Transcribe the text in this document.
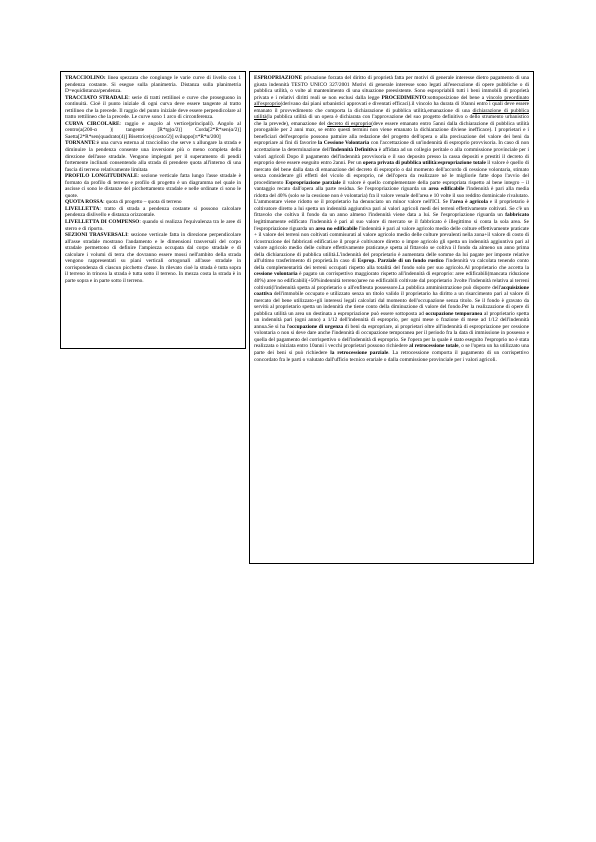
TRACCIOLINO: linea spezzata che congiunge le varie curve di livello con 1 pendenza costante. Si esegue sulla planimetria. Distanza sulla planimetria D=equidistanza/pendenza.
TRACCIATO STRADALE: serie di tratti rettilinei e curve che proseguono in continuità. Cioè il punto iniziale di ogni curva deve essere tangente al tratto rettilineo che la precede. Il raggio del punto iniziale deve essere perpendicolare al tratto rettilineo che la precede. Le curve sono 1 arco di circonferenza.
CURVA CIRCOLARE: raggio e angolo al vertice(principali). Angolo al centro(a(200-α )| tangente [R*tg(α/2)] Corda[2*R*sen(α/2)] Saetta[2*R*sen(quadrato(4)] Bisettrice(s(costo/2)] sviluppo[π*R*α/200]
TORNANTE:è una curva esterna al tracciolino che serve x allungare la strada e diminuire la pendenza consente una inversione più o meno completa della direzione dell'asse stradale. Vengono impiegati per il superamento di pendii fortemente inclinati consentendo alla strada di prendere quota all'interno di una fascia di terreno relativamente limitata
PROFILO LONGITUDINALE: sezione verticale fatta lungo l'asse stradale è formato da profilo di terreno e profilo di progetto è un diagramma nel quale in ascisse ci sono le distanze del picchettamento stradale e nelle ordinate ci sono le quote.
QUOTA ROSSA: quota di progetto – quota di terreno
LIVELLETTA: tratto di strada a pendenza costante si possono calcolare pendenza dislivello e distanza orizzontale.
LIVELLETTA DI COMPENSO: quando si realizza l'equivalenza tra le aree di sterro e di riporto.
SEZIONI TRASVERSALI: sezione verticale fatta in direzione perpendicolare all'asse stradale mostrano l'andamento e le dimensioni trasversali del corpo stradale permettono di definire l'ampiezza occupata dal corpo stradale e di calcolare i volumi di terra che dovranno essere mossi nell'ambito della strada vengono rappresentati su piani verticali ortogonali all'asse stradale in corrispondenza di ciascun picchetto d'asse. In rilevato cioè la strada è tutta sopra il terreno in trincea la strada è tutta sotto il terreno. In mezza costa la strada è in parte sopra e in parte sotto il terreno.

ESPROPRIAZIONE privazione forzata del diritto di proprietà fatta per motivi di generale interesse dietro pagamento di una giusta indennità TESTO UNICO 327/2001 Motivi di generale interesse sono legati all'esecuzione di opere pubbliche o di pubblica utilità, o volte al mantenimento di una situazione preesistente. Sono espropriabili tutti i beni immobili di proprietà privata e i relativi diritti reali se non esclusi dalla legge PROCEDIMENTO:sottoposizione del bene a vincolo preordinato all'esproprio(derivano dai piani urbanistici approvati e diventati efficaci).il vincolo ha durata di 10anni entro i quali deve essere emanato il provvedimento che comporta la dichiarazione di pubblica utilità,emanazione di una dichiarazione di pubblica utilità(la pubblica utilità di un opera è dichiarata con l'approvazione del suo progetto definitivo o dello strumento urbanistico che la prevede), emanazione del decreto di esproprio(deve essere emanato entro 5anni dalla dichiarazione di pubblica utilità prorogabile per 2 anni max, se entro questi termini non viene emanato la dichiarazione diviene inefficace). I proprietari e i beneficiari dell'esproprio possono pattuire alla redazione del progetto dell'opera o alla precisazione del valore dei beni da espropriare ai fini di favorire la Cessione Volontaria con l'accettazione di un'indennità di esproprio provvisoria. In caso di non accettazione la determinazione dell'Indennità Definitiva è affidata ad un collegio peritale o alla commissione provinciale per i valori agricoli Dopo il pagamento dell'indennità provvisoria e il suo deposito presso la cassa depositi e prestiti il decreto di esproprio deve essere eseguito entro 2anni. Per un opera privata di pubblica utilità:espropriazione totale il valore è quello di mercato del bene dalla data di emanazione del decreto di esproprio o dal momento dell'accordo di cessione volontaria, stimato senza considerare gli effetti del vicolo di esproprio, né dell'opera da realizzare né le migliorie fatte dopo l'avvio del procedimento Espropriazione parziale il valore è quello complementare della parte espropriata rispetto al bene integro – il vantaggio recato dall'opera alla parte residua. Se l'espropriazione riguarda un area edificabile l'indennità è pari alla media ridotta del 40% (solo se la cessione non è volontaria) fra il valore venale dell'area e 10 volte il suo reddito dominicale rivalutato. L'ammontare viene ridotto se il proprietario ha denunciato un minor valore nell'ICI. Se l'area è agricola e il proprietario è coltivatore diretto a lui spetta un indennità aggiuntiva pari ai valori agricoli medi dei terreni effettivamente coltivati. Se c'è un fittavolo che coltiva il fondo da un anno almeno l'indennità viene data a lui. Se l'espropriazione riguarda un fabbricato legittimamente edificato l'indennità è pari al suo valore di mercato se il fabbricato è illegittimo si conta la sola area. Se l'espropriazione riguarda un area no edificabile l'indennità è pari al valore agricolo medio delle colture effettivamente praticate + il valore dei terreni non coltivati commisurati al valore agricolo medio delle colture prevalenti nella zona+il valore di costo di ricostruzione dei fabbricati edificati.se il propr.è coltivatore diretto o impre agricolo gli spetta un indennità aggiuntiva pari al valore agricolo medio delle colture effettivamente praticate,e spetta al fittavolo se coltiva il fondo da almeno un anno prima della dichiarazione di pubblica utilità.L'indennità del proprietario è aumentata delle somme da lui pagate per imposte relative all'ultimo trasferimento di proprietà.In caso di Esprop. Parziale di un fondo rustico l'indennità va calcolata tenendo conto della complementarità dei terreni occupati rispetto alla totalità del fondo solo per suo agricolo.Al proprietario che accetta la cessione volontaria è pagato un corrispettivo maggiorato rispetto all'indennità di esproprio: aree edificabili(mancata riduzione 40%) aree no edificabili(+50%indennità terreno)aree no edificabili coltivate dal proprietario 3volte l'indennità relativa ai terreni coltivati(l'indennità spetta al proprietario o all'enfiteuta possessore.La pubblica amministrazione può disporre dell'acquisizione coattiva dell'immobile occupato e utilizzato senza un titolo valido il proprietario ha diritto a un risarcimento pari al valore di mercato del bene utilizzato+gli interessi legali calcolati dal momento dell'occupazione senza titolo. Se il fondo è gravato da servitù al proprietario spetta un indennità che tiene conto della diminuzione di valore del fondo.Per la realizzazione di opere di pubblica utilità un area un destinata a espropriazione può essere sottoposta ad occupazione temporanea al proprietario spetta un indennità pari (ogni anno) a 1/12 dell'indennità di esproprio, per ogni mese o frazione di mese ad 1/12 dell'indennità annua.Se si ha l'occupazione di urgenza di beni da espropriare, ai proprietari oltre all'indennità di espropriazione per cessione volontaria o non si deve dare anche l'indennità di occupazione temporanea per il periodo fra la data di immissione in possesso e quella del pagamento del corrispettivo o dell'indennità di esproprio. Se l'opera per la quale è stato eseguito l'esproprio no è stata realizzata o iniziata entro 10anni i vecchi proprietari possono richiedere al retrocessione totale, o se l'opera un ha utilizzato una parte dei beni si può richiedere la retrocessione parziale. La retrocessione comporta il pagamento di un corrispettivo concordato fra le parti o valutato dall'ufficio tecnico erariale o dalla commissione provinciale per i valori agricoli.
